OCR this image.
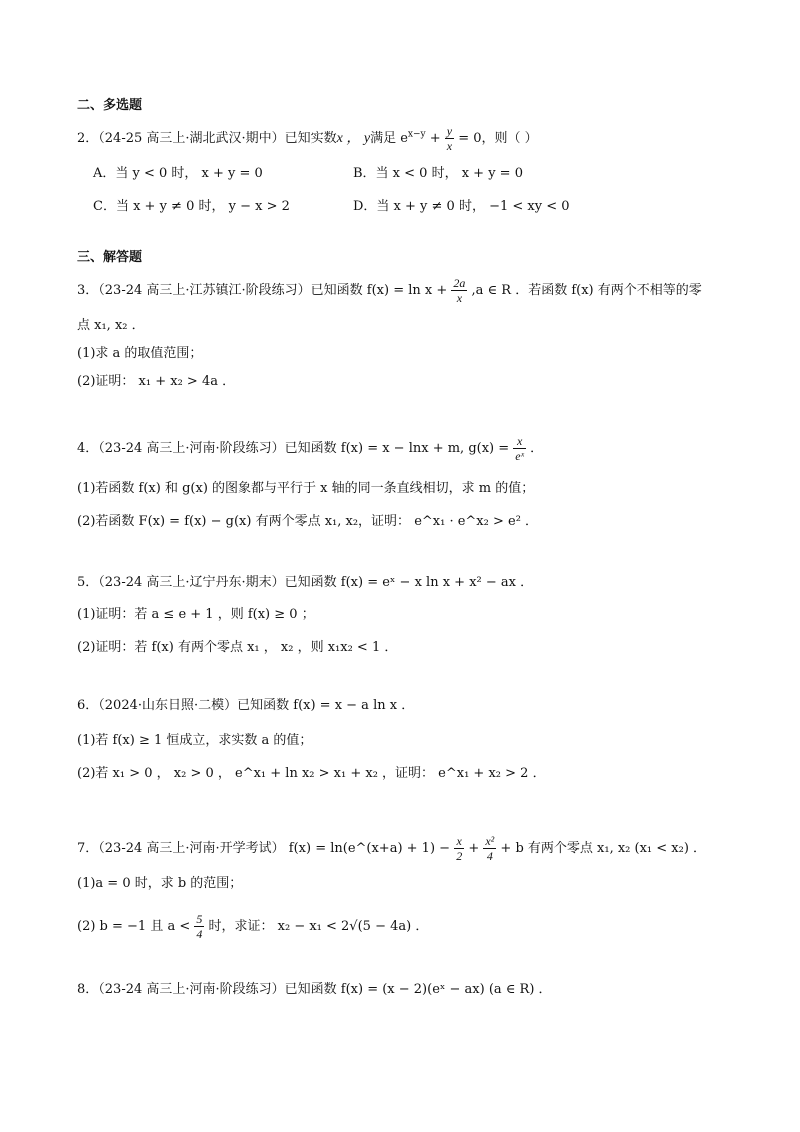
二、多选题
2．（24-25 高三上·湖北武汉·期中）已知实数x ， y满足 $e^{x-y} + \frac{y}{x} = 0$，则（ ）
A．当 y < 0 时， x + y = 0	B．当 x < 0 时， x + y = 0
C．当 x + y ≠ 0 时， y − x > 2	D．当 x + y ≠ 0 时， −1 < xy < 0
三、解答题
3．（23-24 高三上·江苏镇江·阶段练习）已知函数 $f(x) = \ln x + \frac{2a}{x} ,a$ ∈ R ．若函数 f(x) 有两个不相等的零
点 x₁, x₂ ．
(1)求 a 的取值范围；
(2)证明： x₁ + x₂ > 4a ．
4．（23-24 高三上·河南·阶段练习）已知函数 f(x) = x − lnx + m, $g(x) = \frac{x}{\text{eˣ}}$ ．
(1)若函数 f(x) 和 g(x) 的图象都与平行于 x 轴的同一条直线相切，求 m 的值；
(2)若函数 F(x) = f(x) − g(x) 有两个零点 x₁, x₂，证明： e^x₁ · e^x₂ > e² ．
5．（23-24 高三上·辽宁丹东·期末）已知函数 f(x) = eˣ − x ln x + x² − ax ．
(1)证明：若 a ≤ e + 1 ，则 f(x) ≥ 0 ；
(2)证明：若 f(x) 有两个零点 x₁ ， x₂ ，则 x₁x₂ < 1 ．
6．（2024·山东日照·二模）已知函数 f(x) = x − a ln x ．
(1)若 f(x) ≥ 1 恒成立，求实数 a 的值；
(2)若 x₁ > 0 ， x₂ > 0 ， e^x₁ + ln x₂ > x₁ + x₂ ，证明： e^x₁ + x₂ > 2 ．
7．（23-24 高三上·河南·开学考试） f(x) = ln(e^(x+a) + $1) - \frac{x}{2} + \frac{\text{x²}}{4} + b$ 有两个零点 x₁, x₂ (x₁ < x₂) ．
(1)a = 0 时，求 b 的范围；
(2) b = −1 且 $a < \frac{5}{4}$ 时，求证： x₂ − x₁ < 2√(5 − 4a) ．
8．（23-24 高三上·河南·阶段练习）已知函数 f(x) = (x − 2)(eˣ − ax) (a ∈ R) ．
